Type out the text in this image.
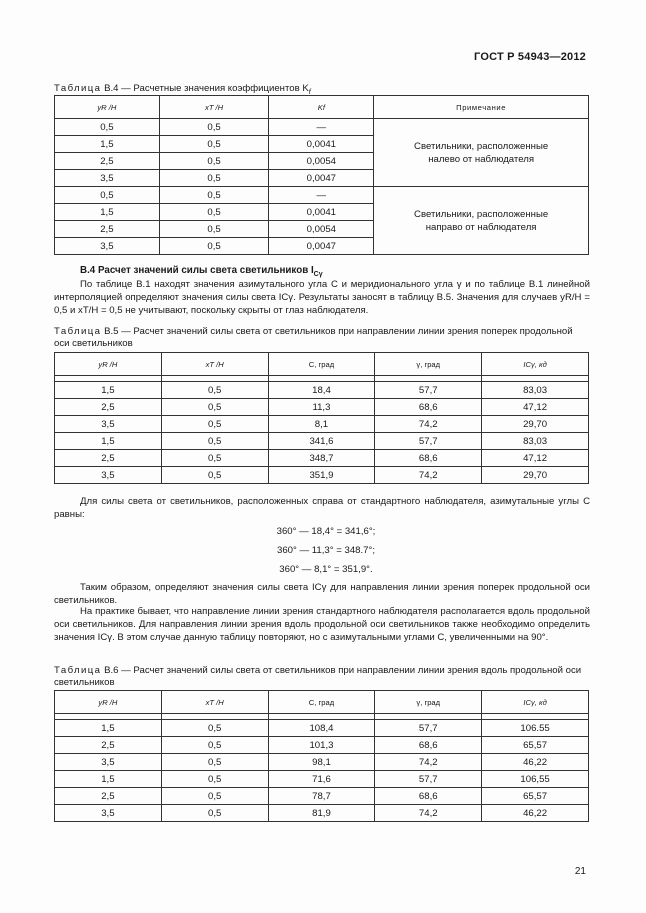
ГОСТ Р 54943—2012
Таблица В.4 — Расчетные значения коэффициентов $K_f$
yR /H	xT /H	Kf	Примечание
0,5	0,5	—	Светильники, расположенные налево от наблюдателя
1,5	0,5	0,0041	
2,5	0,5	0,0054	
3,5	0,5	0,0047	
0,5	0,5	—	Светильники, расположенные направо от наблюдателя
1,5	0,5	0,0041	
2,5	0,5	0,0054	
3,5	0,5	0,0047	
В.4 Расчет значений силы света светильников $I_{C\gamma}$
По таблице В.1 находят значения азимутального угла C и меридионального угла γ и по таблице В.1 линейной интерполяцией определяют значения силы света ICγ. Результаты заносят в таблицу В.5. Значения для случаев yR/H = 0,5 и xT/H = 0,5 не учитывают, поскольку скрыты от глаз наблюдателя.
Таблица В.5 — Расчет значений силы света от светильников при направлении линии зрения поперек продольной оси светильников
yR /H	xT /H	C, град	γ, град	ICγ, кд

1,5	0,5	18,4	57,7	83,03
2,5	0,5	11,3	68,6	47,12
3,5	0,5	8,1	74,2	29,70
1,5	0,5	341,6	57,7	83,03
2,5	0,5	348,7	68,6	47,12
3,5	0,5	351,9	74,2	29,70
Для силы света от светильников, расположенных справа от стандартного наблюдателя, азимутальные углы C равны:
360° — 18,4° = 341,6°;
360° — 11,3° = 348.7°;
360° — 8,1° = 351,9°.
Таким образом, определяют значения силы света ICγ для направления линии зрения поперек продольной оси светильников.
На практике бывает, что направление линии зрения стандартного наблюдателя располагается вдоль продольной оси светильников. Для направления линии зрения вдоль продольной оси светильников также необходимо определить значения ICγ. В этом случае данную таблицу повторяют, но с азимутальными углами C, увеличенными на 90°.
Таблица В.6 — Расчет значений силы света от светильников при направлении линии зрения вдоль продольной оси светильников
yR /H	xT /H	C, град	γ, град	ICγ, кд

1,5	0,5	108,4	57,7	106.55
2,5	0,5	101,3	68,6	65,57
3,5	0,5	98,1	74,2	46,22
1,5	0,5	71,6	57,7	106,55
2,5	0,5	78,7	68,6	65,57
3,5	0,5	81,9	74,2	46,22
21
